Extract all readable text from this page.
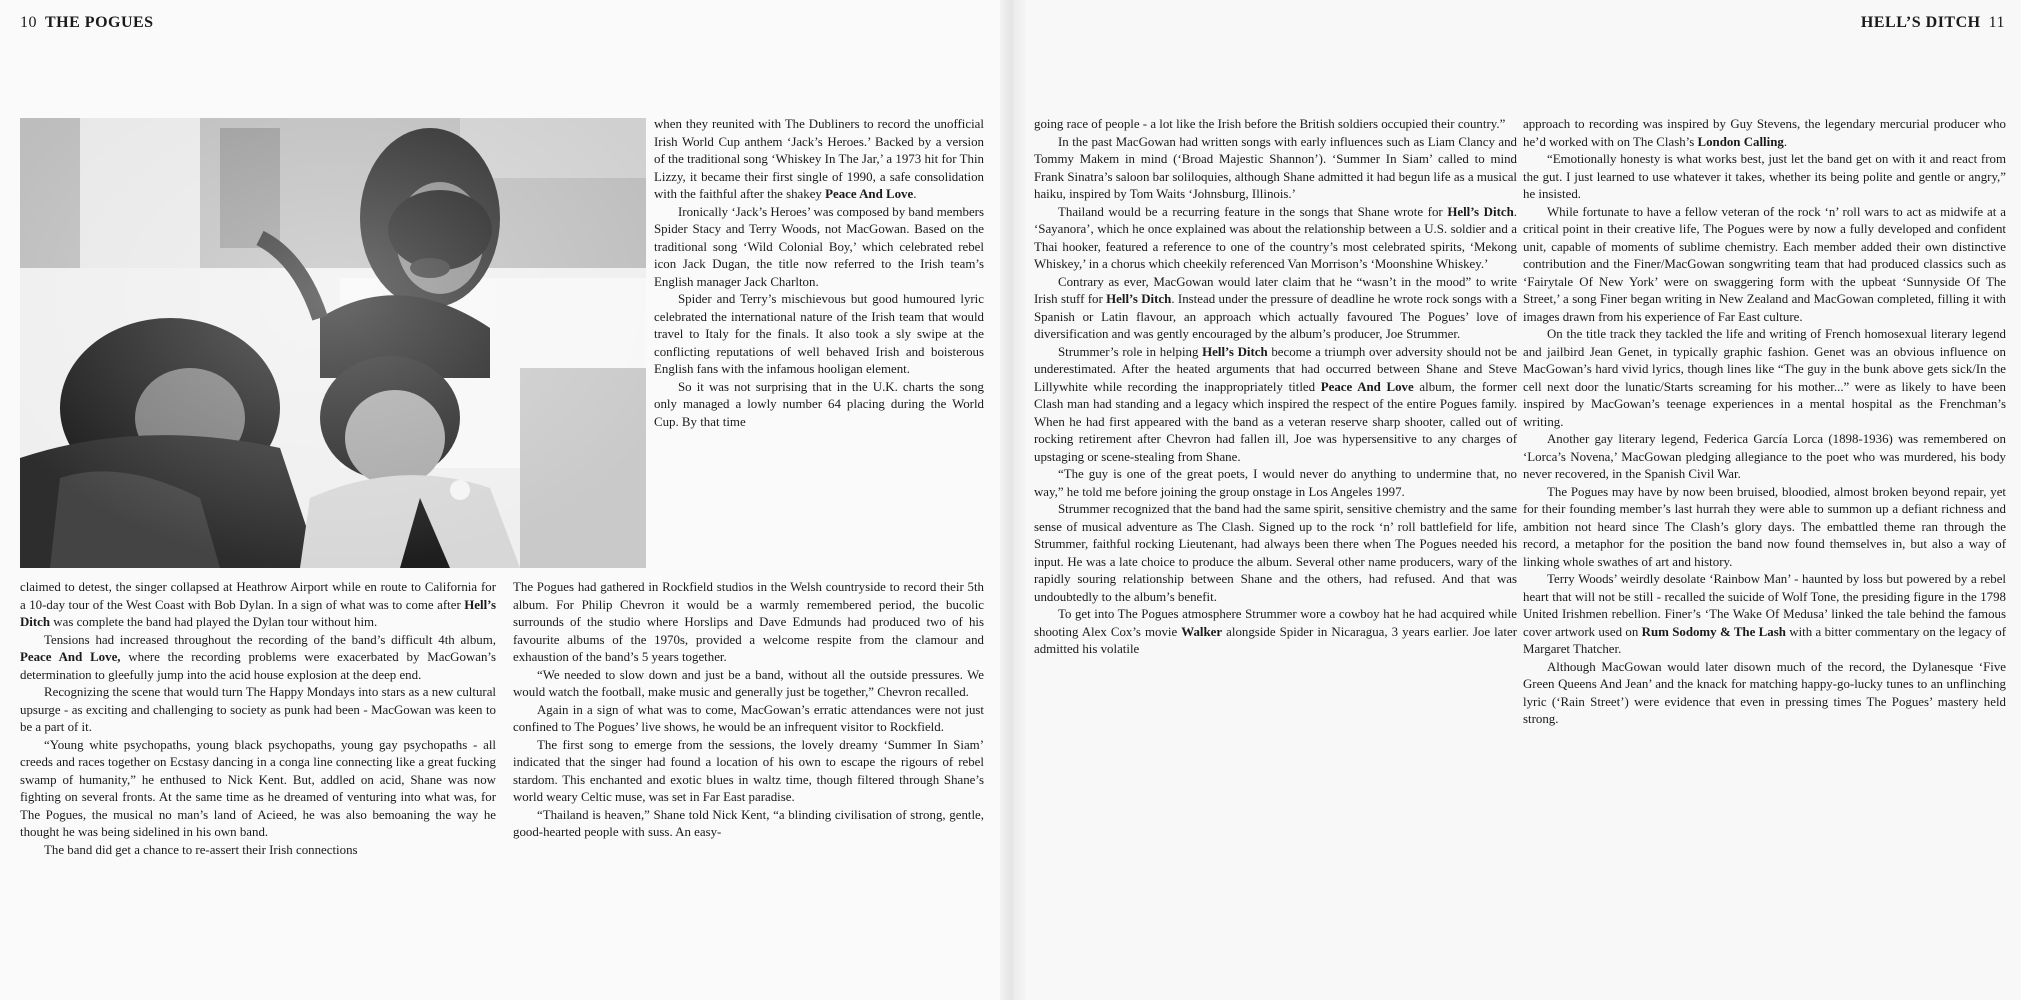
10 THE POGUES

claimed to detest, the singer collapsed at Heathrow Airport while en route to California for a 10-day tour of the West Coast with Bob Dylan. In a sign of what was to come after Hell’s Ditch was complete the band had played the Dylan tour without him.

Tensions had increased throughout the recording of the band’s difficult 4th album, Peace And Love, where the recording problems were exacerbated by MacGowan’s determination to gleefully jump into the acid house explosion at the deep end.

Recognizing the scene that would turn The Happy Mondays into stars as a new cultural upsurge - as exciting and challenging to society as punk had been - MacGowan was keen to be a part of it.

“Young white psychopaths, young black psychopaths, young gay psychopaths - all creeds and races together on Ecstasy dancing in a conga line connecting like a great fucking swamp of humanity,” he enthused to Nick Kent. But, addled on acid, Shane was now fighting on several fronts. At the same time as he dreamed of venturing into what was, for The Pogues, the musical no man’s land of Acieed, he was also bemoaning the way he thought he was being sidelined in his own band.

The band did get a chance to re-assert their Irish connections

when they reunited with The Dubliners to record the unofficial Irish World Cup anthem ‘Jack’s Heroes.’ Backed by a version of the traditional song ‘Whiskey In The Jar,’ a 1973 hit for Thin Lizzy, it became their first single of 1990, a safe consolidation with the faithful after the shakey Peace And Love.

Ironically ‘Jack’s Heroes’ was composed by band members Spider Stacy and Terry Woods, not MacGowan. Based on the traditional song ‘Wild Colonial Boy,’ which celebrated rebel icon Jack Dugan, the title now referred to the Irish team’s English manager Jack Charlton.

Spider and Terry’s mischievous but good humoured lyric celebrated the international nature of the Irish team that would travel to Italy for the finals. It also took a sly swipe at the conflicting reputations of well behaved Irish and boisterous English fans with the infamous hooligan element.

So it was not surprising that in the U.K. charts the song only managed a lowly number 64 placing during the World Cup. By that time

The Pogues had gathered in Rockfield studios in the Welsh countryside to record their 5th album. For Philip Chevron it would be a warmly remembered period, the bucolic surrounds of the studio where Horslips and Dave Edmunds had produced two of his favourite albums of the 1970s, provided a welcome respite from the clamour and exhaustion of the band’s 5 years together.

“We needed to slow down and just be a band, without all the outside pressures. We would watch the football, make music and generally just be together,” Chevron recalled.

Again in a sign of what was to come, MacGowan’s erratic attendances were not just confined to The Pogues’ live shows, he would be an infrequent visitor to Rockfield.

The first song to emerge from the sessions, the lovely dreamy ‘Summer In Siam’ indicated that the singer had found a location of his own to escape the rigours of rebel stardom. This enchanted and exotic blues in waltz time, though filtered through Shane’s world weary Celtic muse, was set in Far East paradise.

“Thailand is heaven,” Shane told Nick Kent, “a blinding civilisation of strong, gentle, good-hearted people with suss. An easy-

HELL’S DITCH 11

going race of people - a lot like the Irish before the British soldiers occupied their country.”

In the past MacGowan had written songs with early influences such as Liam Clancy and Tommy Makem in mind (‘Broad Majestic Shannon’). ‘Summer In Siam’ called to mind Frank Sinatra’s saloon bar soliloquies, although Shane admitted it had begun life as a musical haiku, inspired by Tom Waits ‘Johnsburg, Illinois.’

Thailand would be a recurring feature in the songs that Shane wrote for Hell’s Ditch. ‘Sayanora’, which he once explained was about the relationship between a U.S. soldier and a Thai hooker, featured a reference to one of the country’s most celebrated spirits, ‘Mekong Whiskey,’ in a chorus which cheekily referenced Van Morrison’s ‘Moonshine Whiskey.’

Contrary as ever, MacGowan would later claim that he “wasn’t in the mood” to write Irish stuff for Hell’s Ditch. Instead under the pressure of deadline he wrote rock songs with a Spanish or Latin flavour, an approach which actually favoured The Pogues’ love of diversification and was gently encouraged by the album’s producer, Joe Strummer.

Strummer’s role in helping Hell’s Ditch become a triumph over adversity should not be underestimated. After the heated arguments that had occurred between Shane and Steve Lillywhite while recording the inappropriately titled Peace And Love album, the former Clash man had standing and a legacy which inspired the respect of the entire Pogues family. When he had first appeared with the band as a veteran reserve sharp shooter, called out of rocking retirement after Chevron had fallen ill, Joe was hypersensitive to any charges of upstaging or scene-stealing from Shane.

“The guy is one of the great poets, I would never do anything to undermine that, no way,” he told me before joining the group onstage in Los Angeles 1997.

Strummer recognized that the band had the same spirit, sensitive chemistry and the same sense of musical adventure as The Clash. Signed up to the rock ‘n’ roll battlefield for life, Strummer, faithful rocking Lieutenant, had always been there when The Pogues needed his input. He was a late choice to produce the album. Several other name producers, wary of the rapidly souring relationship between Shane and the others, had refused. And that was undoubtedly to the album’s benefit.

To get into The Pogues atmosphere Strummer wore a cowboy hat he had acquired while shooting Alex Cox’s movie Walker alongside Spider in Nicaragua, 3 years earlier. Joe later admitted his volatile

approach to recording was inspired by Guy Stevens, the legendary mercurial producer who he’d worked with on The Clash’s London Calling.

“Emotionally honesty is what works best, just let the band get on with it and react from the gut. I just learned to use whatever it takes, whether its being polite and gentle or angry,” he insisted.

While fortunate to have a fellow veteran of the rock ‘n’ roll wars to act as midwife at a critical point in their creative life, The Pogues were by now a fully developed and confident unit, capable of moments of sublime chemistry. Each member added their own distinctive contribution and the Finer/MacGowan songwriting team that had produced classics such as ‘Fairytale Of New York’ were on swaggering form with the upbeat ‘Sunnyside Of The Street,’ a song Finer began writing in New Zealand and MacGowan completed, filling it with images drawn from his experience of Far East culture.

On the title track they tackled the life and writing of French homosexual literary legend and jailbird Jean Genet, in typically graphic fashion. Genet was an obvious influence on MacGowan’s hard vivid lyrics, though lines like “The guy in the bunk above gets sick/In the cell next door the lunatic/Starts screaming for his mother...” were as likely to have been inspired by MacGowan’s teenage experiences in a mental hospital as the Frenchman’s writing.

Another gay literary legend, Federica García Lorca (1898-1936) was remembered on ‘Lorca’s Novena,’ MacGowan pledging allegiance to the poet who was murdered, his body never recovered, in the Spanish Civil War.

The Pogues may have by now been bruised, bloodied, almost broken beyond repair, yet for their founding member’s last hurrah they were able to summon up a defiant richness and ambition not heard since The Clash’s glory days. The embattled theme ran through the record, a metaphor for the position the band now found themselves in, but also a way of linking whole swathes of art and history.

Terry Woods’ weirdly desolate ‘Rainbow Man’ - haunted by loss but powered by a rebel heart that will not be still - recalled the suicide of Wolf Tone, the presiding figure in the 1798 United Irishmen rebellion. Finer’s ‘The Wake Of Medusa’ linked the tale behind the famous cover artwork used on Rum Sodomy & The Lash with a bitter commentary on the legacy of Margaret Thatcher.

Although MacGowan would later disown much of the record, the Dylanesque ‘Five Green Queens And Jean’ and the knack for matching happy-go-lucky tunes to an unflinching lyric (‘Rain Street’) were evidence that even in pressing times The Pogues’ mastery held strong.
